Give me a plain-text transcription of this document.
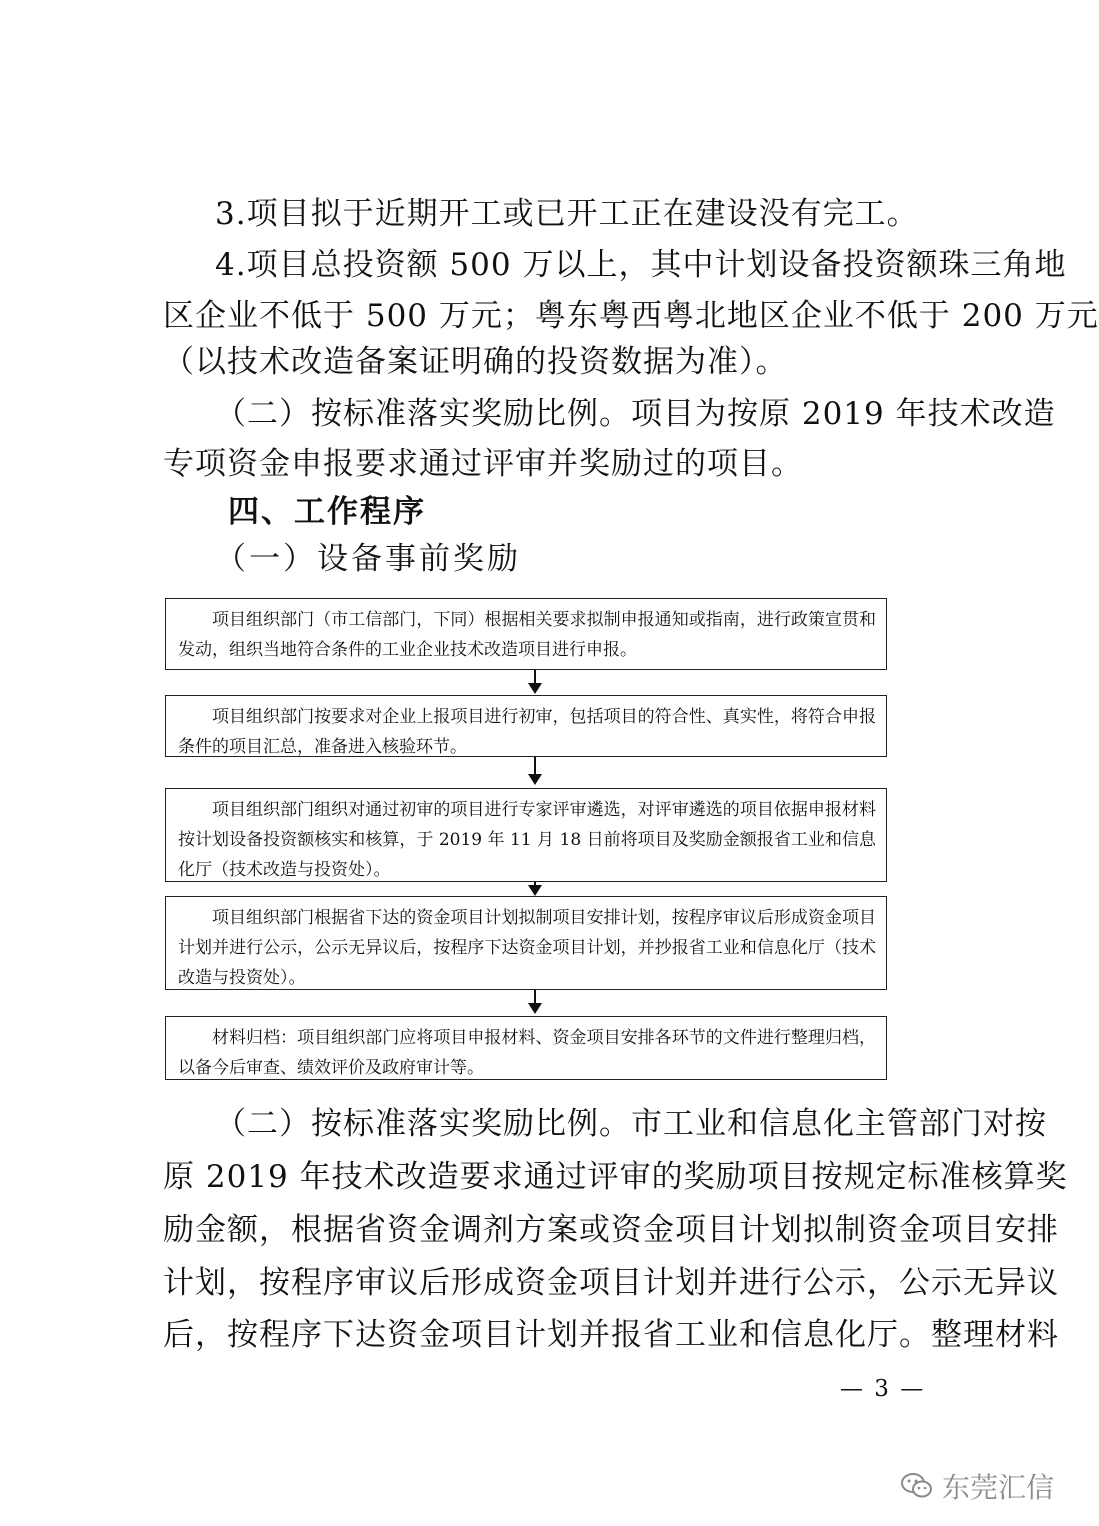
3.项目拟于近期开工或已开工正在建设没有完工。
4.项目总投资额 500 万以上，其中计划设备投资额珠三角地
区企业不低于 500 万元；粤东粤西粤北地区企业不低于 200 万元
（以技术改造备案证明确的投资数据为准）。
（二）按标准落实奖励比例。项目为按原 2019 年技术改造
专项资金申报要求通过评审并奖励过的项目。
四、工作程序
（一）设备事前奖励

项目组织部门（市工信部门，下同）根据相关要求拟制申报通知或指南，进行政策宣贯和发动，组织当地符合条件的工业企业技术改造项目进行申报。

项目组织部门按要求对企业上报项目进行初审，包括项目的符合性、真实性，将符合申报条件的项目汇总，准备进入核验环节。

项目组织部门组织对通过初审的项目进行专家评审遴选，对评审遴选的项目依据申报材料按计划设备投资额核实和核算，于 2019 年 11 月 18 日前将项目及奖励金额报省工业和信息化厅（技术改造与投资处）。

项目组织部门根据省下达的资金项目计划拟制项目安排计划，按程序审议后形成资金项目计划并进行公示，公示无异议后，按程序下达资金项目计划，并抄报省工业和信息化厅（技术改造与投资处）。

材料归档：项目组织部门应将项目申报材料、资金项目安排各环节的文件进行整理归档，以备今后审查、绩效评价及政府审计等。

（二）按标准落实奖励比例。市工业和信息化主管部门对按
原 2019 年技术改造要求通过评审的奖励项目按规定标准核算奖
励金额，根据省资金调剂方案或资金项目计划拟制资金项目安排
计划，按程序审议后形成资金项目计划并进行公示，公示无异议
后，按程序下达资金项目计划并报省工业和信息化厅。整理材料
— 3 —
东莞汇信
